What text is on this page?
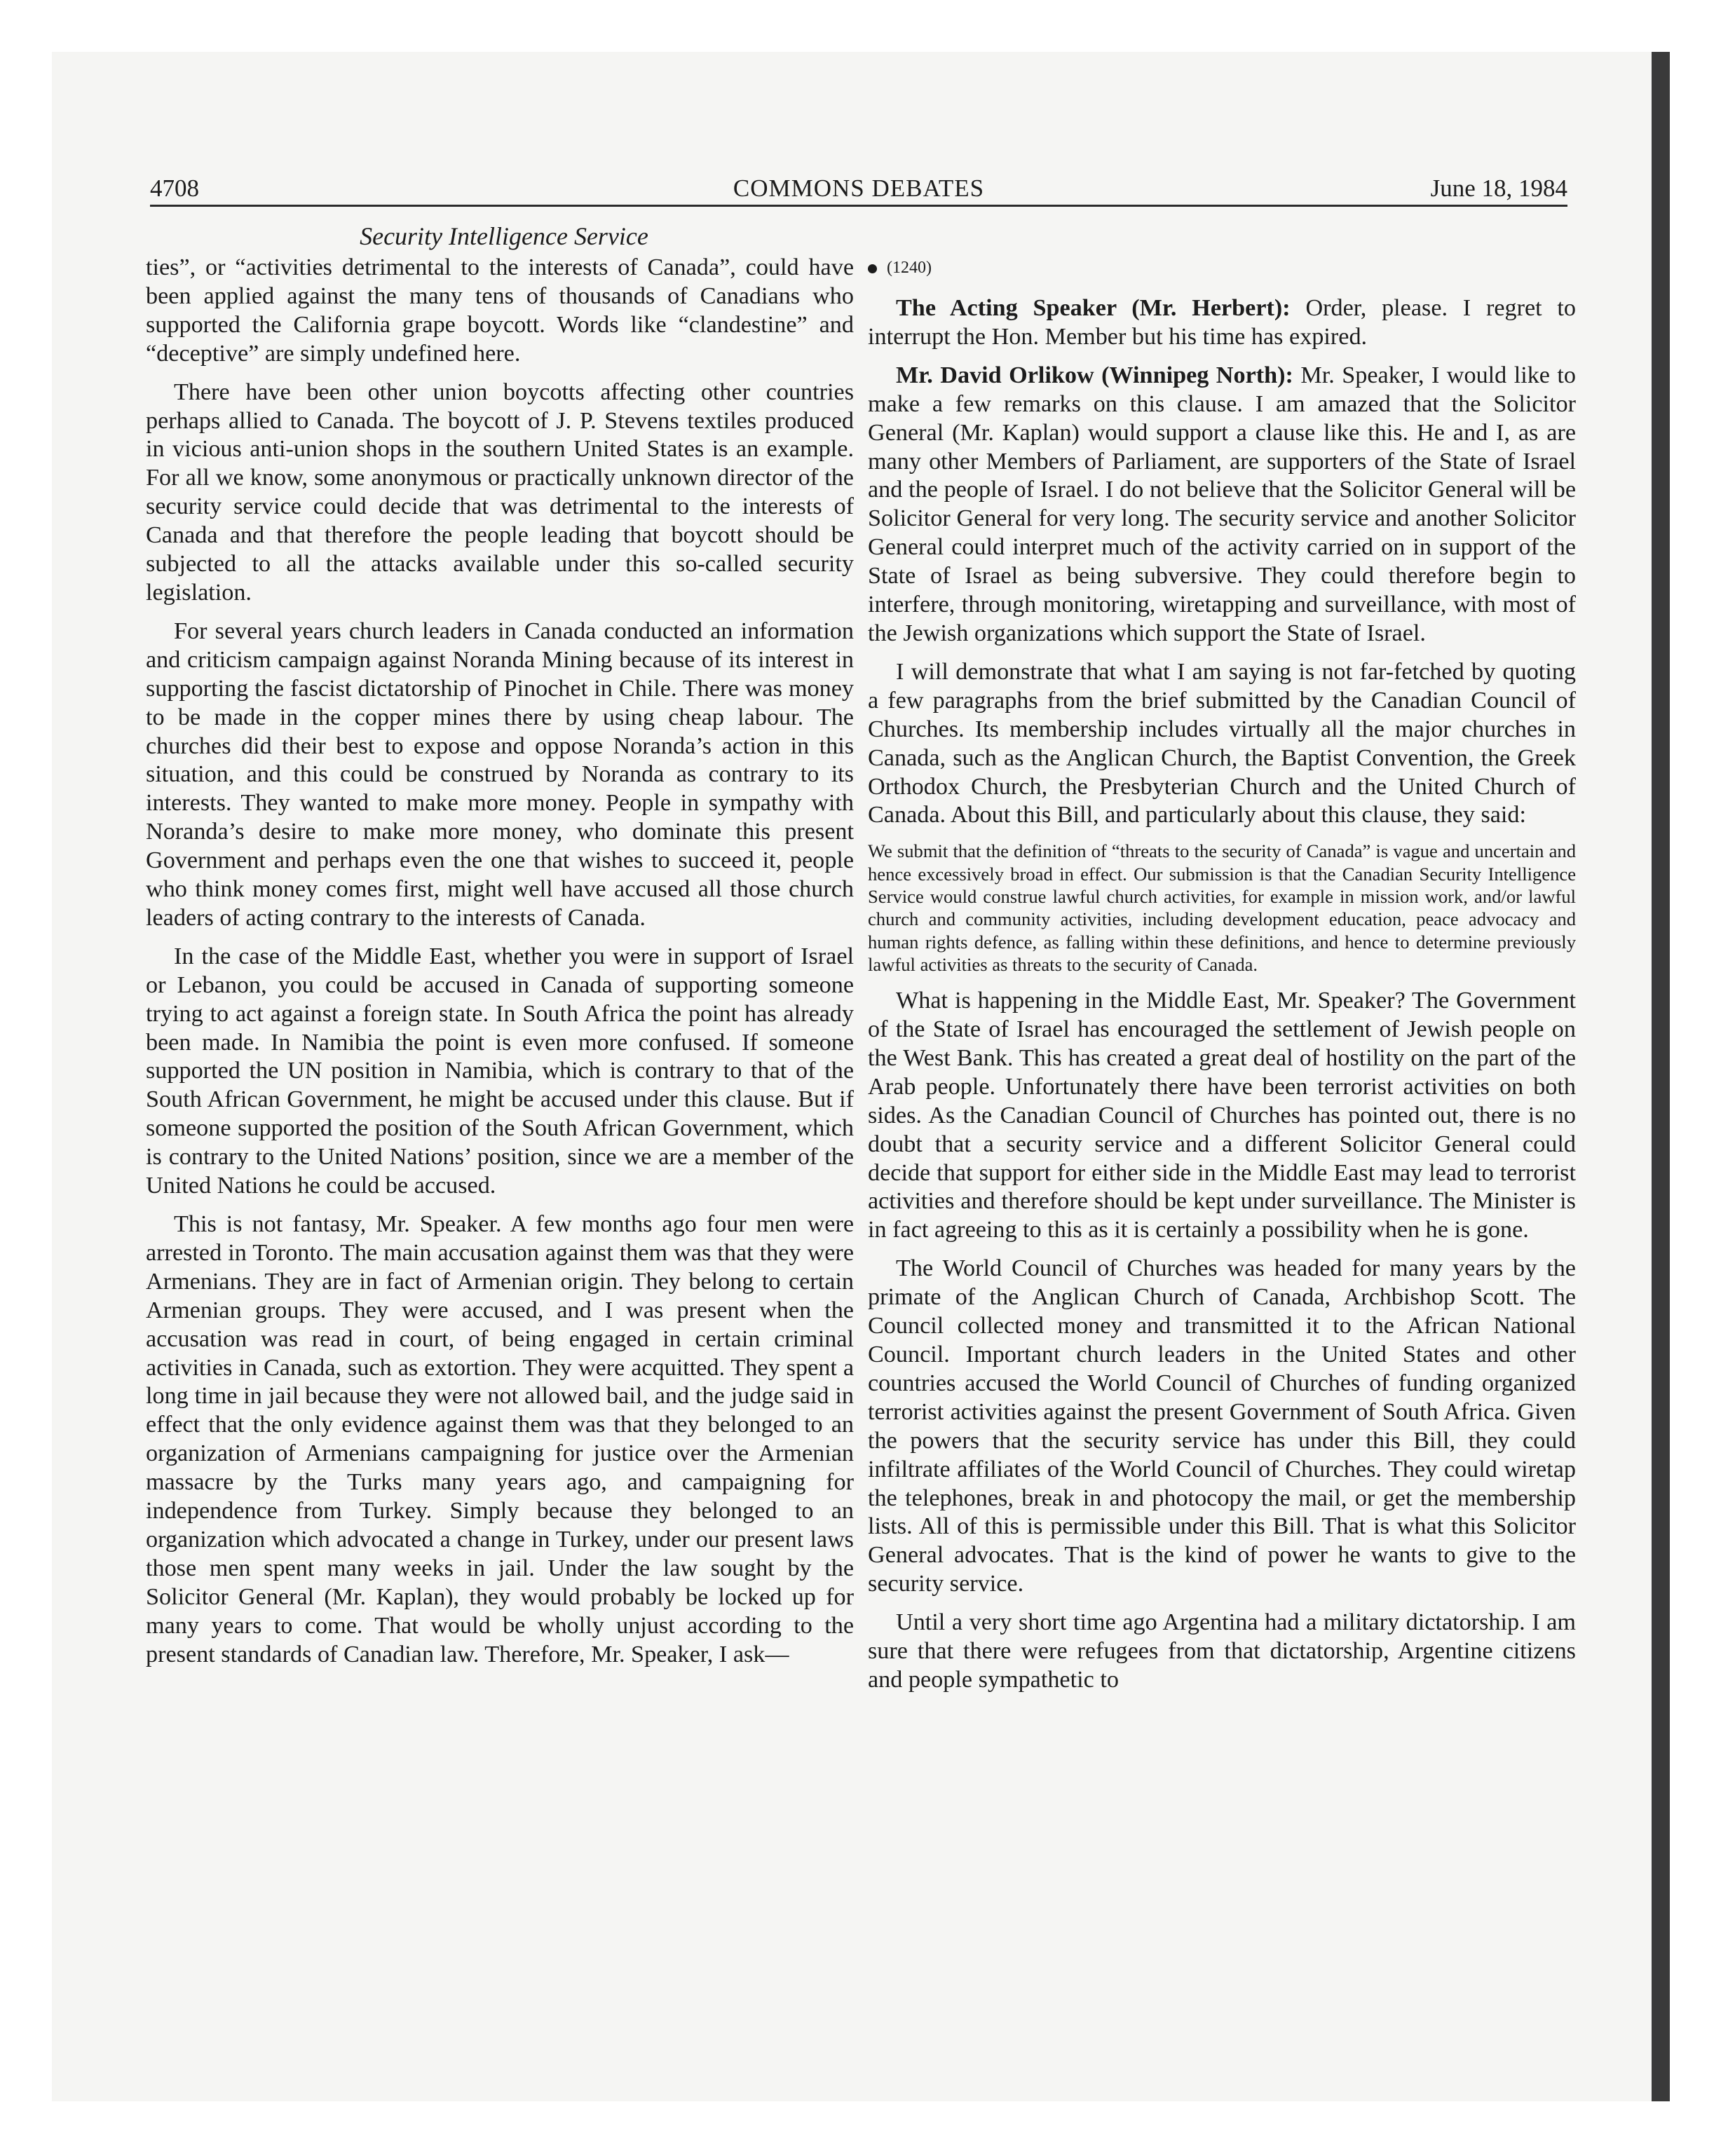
4708	COMMONS DEBATES	June 18, 1984
Security Intelligence Service

ties”, or “activities detrimental to the interests of Canada”, could have been applied against the many tens of thousands of Canadians who supported the California grape boycott. Words like “clandestine” and “deceptive” are simply undefined here.

There have been other union boycotts affecting other countries perhaps allied to Canada. The boycott of J. P. Stevens textiles produced in vicious anti-union shops in the southern United States is an example. For all we know, some anonymous or practically unknown director of the security service could decide that was detrimental to the interests of Canada and that therefore the people leading that boycott should be subjected to all the attacks available under this so-called security legislation.

For several years church leaders in Canada conducted an information and criticism campaign against Noranda Mining because of its interest in supporting the fascist dictatorship of Pinochet in Chile. There was money to be made in the copper mines there by using cheap labour. The churches did their best to expose and oppose Noranda’s action in this situation, and this could be construed by Noranda as contrary to its interests. They wanted to make more money. People in sympathy with Noranda’s desire to make more money, who dominate this present Government and perhaps even the one that wishes to succeed it, people who think money comes first, might well have accused all those church leaders of acting contrary to the interests of Canada.

In the case of the Middle East, whether you were in support of Israel or Lebanon, you could be accused in Canada of supporting someone trying to act against a foreign state. In South Africa the point has already been made. In Namibia the point is even more confused. If someone supported the UN position in Namibia, which is contrary to that of the South African Government, he might be accused under this clause. But if someone supported the position of the South African Government, which is contrary to the United Nations’ position, since we are a member of the United Nations he could be accused.

This is not fantasy, Mr. Speaker. A few months ago four men were arrested in Toronto. The main accusation against them was that they were Armenians. They are in fact of Armenian origin. They belong to certain Armenian groups. They were accused, and I was present when the accusation was read in court, of being engaged in certain criminal activities in Canada, such as extortion. They were acquitted. They spent a long time in jail because they were not allowed bail, and the judge said in effect that the only evidence against them was that they belonged to an organization of Armenians campaigning for justice over the Armenian massacre by the Turks many years ago, and campaigning for independence from Turkey. Simply because they belonged to an organization which advocated a change in Turkey, under our present laws those men spent many weeks in jail. Under the law sought by the Solicitor General (Mr. Kaplan), they would probably be locked up for many years to come. That would be wholly unjust according to the present standards of Canadian law. Therefore, Mr. Speaker, I ask—

(1240)

The Acting Speaker (Mr. Herbert): Order, please. I regret to interrupt the Hon. Member but his time has expired.

Mr. David Orlikow (Winnipeg North): Mr. Speaker, I would like to make a few remarks on this clause. I am amazed that the Solicitor General (Mr. Kaplan) would support a clause like this. He and I, as are many other Members of Parliament, are supporters of the State of Israel and the people of Israel. I do not believe that the Solicitor General will be Solicitor General for very long. The security service and another Solicitor General could interpret much of the activity carried on in support of the State of Israel as being subversive. They could therefore begin to interfere, through monitoring, wiretapping and surveillance, with most of the Jewish organizations which support the State of Israel.

I will demonstrate that what I am saying is not far-fetched by quoting a few paragraphs from the brief submitted by the Canadian Council of Churches. Its membership includes virtually all the major churches in Canada, such as the Anglican Church, the Baptist Convention, the Greek Orthodox Church, the Presbyterian Church and the United Church of Canada. About this Bill, and particularly about this clause, they said:

We submit that the definition of “threats to the security of Canada” is vague and uncertain and hence excessively broad in effect. Our submission is that the Canadian Security Intelligence Service would construe lawful church activities, for example in mission work, and/or lawful church and community activities, including development education, peace advocacy and human rights defence, as falling within these definitions, and hence to determine previously lawful activities as threats to the security of Canada.

What is happening in the Middle East, Mr. Speaker? The Government of the State of Israel has encouraged the settlement of Jewish people on the West Bank. This has created a great deal of hostility on the part of the Arab people. Unfortunately there have been terrorist activities on both sides. As the Canadian Council of Churches has pointed out, there is no doubt that a security service and a different Solicitor General could decide that support for either side in the Middle East may lead to terrorist activities and therefore should be kept under surveillance. The Minister is in fact agreeing to this as it is certainly a possibility when he is gone.

The World Council of Churches was headed for many years by the primate of the Anglican Church of Canada, Archbishop Scott. The Council collected money and transmitted it to the African National Council. Important church leaders in the United States and other countries accused the World Council of Churches of funding organized terrorist activities against the present Government of South Africa. Given the powers that the security service has under this Bill, they could infiltrate affiliates of the World Council of Churches. They could wiretap the telephones, break in and photocopy the mail, or get the membership lists. All of this is permissible under this Bill. That is what this Solicitor General advocates. That is the kind of power he wants to give to the security service.

Until a very short time ago Argentina had a military dictatorship. I am sure that there were refugees from that dictatorship, Argentine citizens and people sympathetic to
